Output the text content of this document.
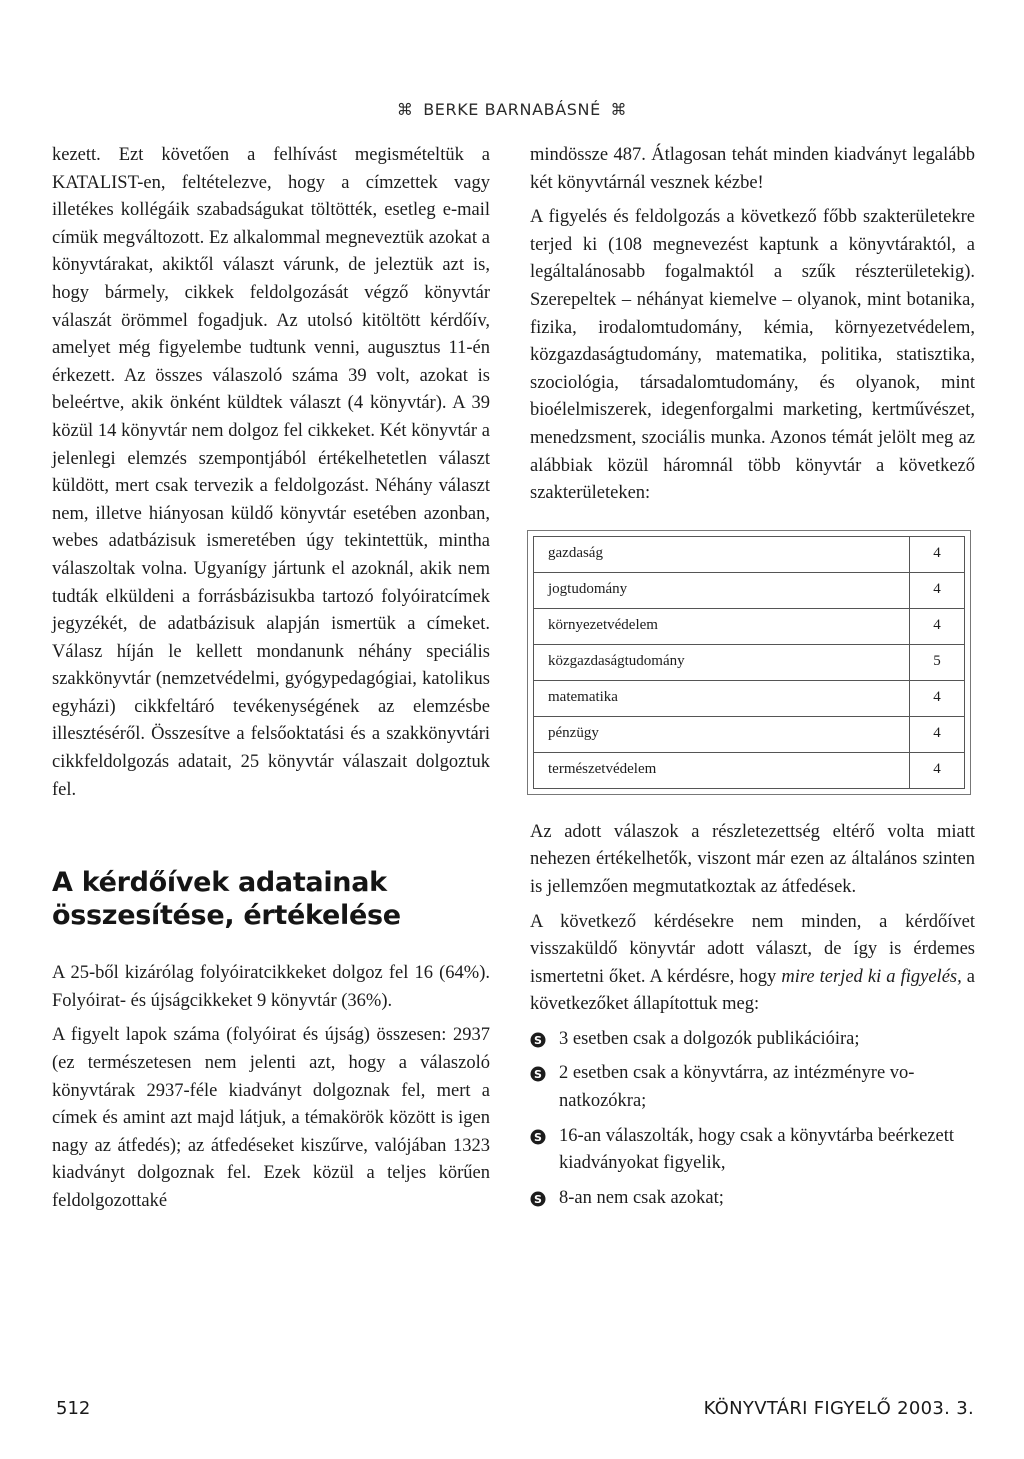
⌘ BERKE BARNABÁSNÉ ⌘

kezett. Ezt követően a felhívást megismételtük a KATALIST-en, feltételezve, hogy a címzettek vagy illetékes kollégáik szabadságukat töltötték, esetleg e-mail címük megváltozott. Ez alkalommal megneveztük azokat a könyvtárakat, akiktől választ várunk, de jeleztük azt is, hogy bármely, cikkek feldolgozását végző könyvtár válaszát örömmel fogadjuk. Az utolsó kitöltött kérdőív, amelyet még figyelembe tudtunk venni, augusztus 11-én érkezett. Az összes válaszoló száma 39 volt, azokat is beleértve, akik önként küldtek választ (4 könyvtár). A 39 közül 14 könyvtár nem dolgoz fel cikkeket. Két könyvtár a jelenlegi elemzés szempontjából értékelhetetlen választ küldött, mert csak tervezik a feldolgozást. Néhány választ nem, illetve hiányosan küldő könyvtár esetében azonban, webes adatbázisuk ismeretében úgy tekintettük, mintha válaszoltak volna. Ugyanígy jártunk el azoknál, akik nem tudták elküldeni a forrásbázisukba tartozó folyóiratcímek jegyzékét, de adatbázisuk alapján ismertük a címeket. Válasz híján le kellett mondanunk néhány speciális szakkönyvtár (nemzetvédelmi, gyógypedagógiai, katolikus egyházi) cikkfeltáró tevékenységének az elemzésbe illesztéséről. Összesítve a felsőoktatási és a szakkönyvtári cikkfeldolgozás adatait, 25 könyvtár válaszait dolgoztuk fel.

A kérdőívek adatainak összesítése, értékelése

A 25-ből kizárólag folyóiratcikkeket dolgoz fel 16 (64%). Folyóirat- és újságcikkeket 9 könyvtár (36%).

A figyelt lapok száma (folyóirat és újság) összesen: 2937 (ez természetesen nem jelenti azt, hogy a válaszoló könyvtárak 2937-féle kiadványt dolgoznak fel, mert a címek és amint azt majd látjuk, a témakörök között is igen nagy az átfedés); az átfedéseket kiszűrve, valójában 1323 kiadványt dolgoznak fel. Ezek közül a teljes körűen feldolgozottaké

mindössze 487. Átlagosan tehát minden kiadványt legalább két könyvtárnál vesznek kézbe!

A figyelés és feldolgozás a következő főbb szakterületekre terjed ki (108 megnevezést kaptunk a könyvtáraktól, a legáltalánosabb fogalmaktól a szűk részterületekig). Szerepeltek – néhányat kiemelve – olyanok, mint botanika, fizika, irodalomtudomány, kémia, környezetvédelem, közgazdaságtudomány, matematika, politika, statisztika, szociológia, társadalomtudomány, és olyanok, mint bioélelmiszerek, idegenforgalmi marketing, kertművészet, menedzsment, szociális munka. Azonos témát jelölt meg az alábbiak közül háromnál több könyvtár a következő szakterületeken:

gazdaság	4
jogtudomány	4
környezetvédelem	4
közgazdaságtudomány	5
matematika	4
pénzügy	4
természetvédelem	4

Az adott válaszok a részletezettség eltérő volta miatt nehezen értékelhetők, viszont már ezen az általános szinten is jellemzően megmutatkoztak az átfedések.

A következő kérdésekre nem minden, a kérdőívet visszaküldő könyvtár adott választ, de így is érdemes ismertetni őket. A kérdésre, hogy mire terjed ki a figyelés, a következőket állapítottuk meg:

S 3 esetben csak a dolgozók publikációira;
S 2 esetben csak a könyvtárra, az intézményre vonatkozókra;
S 16-an válaszolták, hogy csak a könyvtárba beérkezett kiadványokat figyelik,
S 8-an nem csak azokat;
512	KÖNYVTÁRI FIGYELŐ 2003. 3.
